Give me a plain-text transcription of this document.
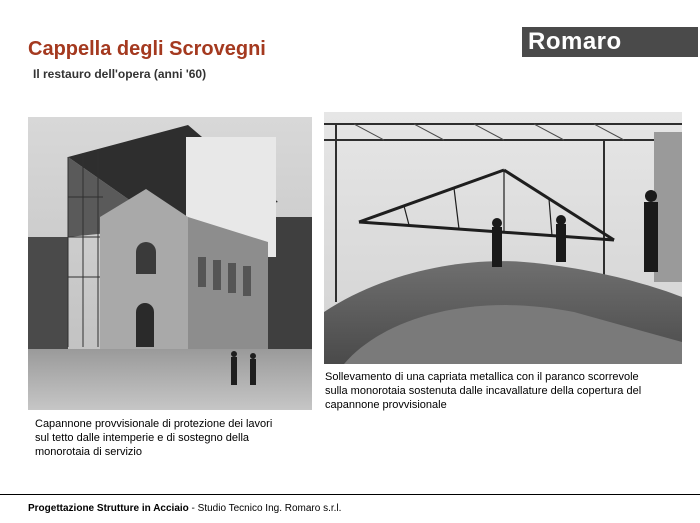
Cappella degli Scrovegni
Il restauro dell'opera (anni '60)
Romaro
Capannone provvisionale di protezione dei lavori
sul tetto dalle intemperie e di sostegno della
monorotaia di servizio
Sollevamento di una capriata metallica con il paranco scorrevole
sulla monorotaia sostenuta dalle incavallature della copertura del
capannone provvisionale
Progettazione Strutture in Acciaio - Studio Tecnico Ing. Romaro s.r.l.
